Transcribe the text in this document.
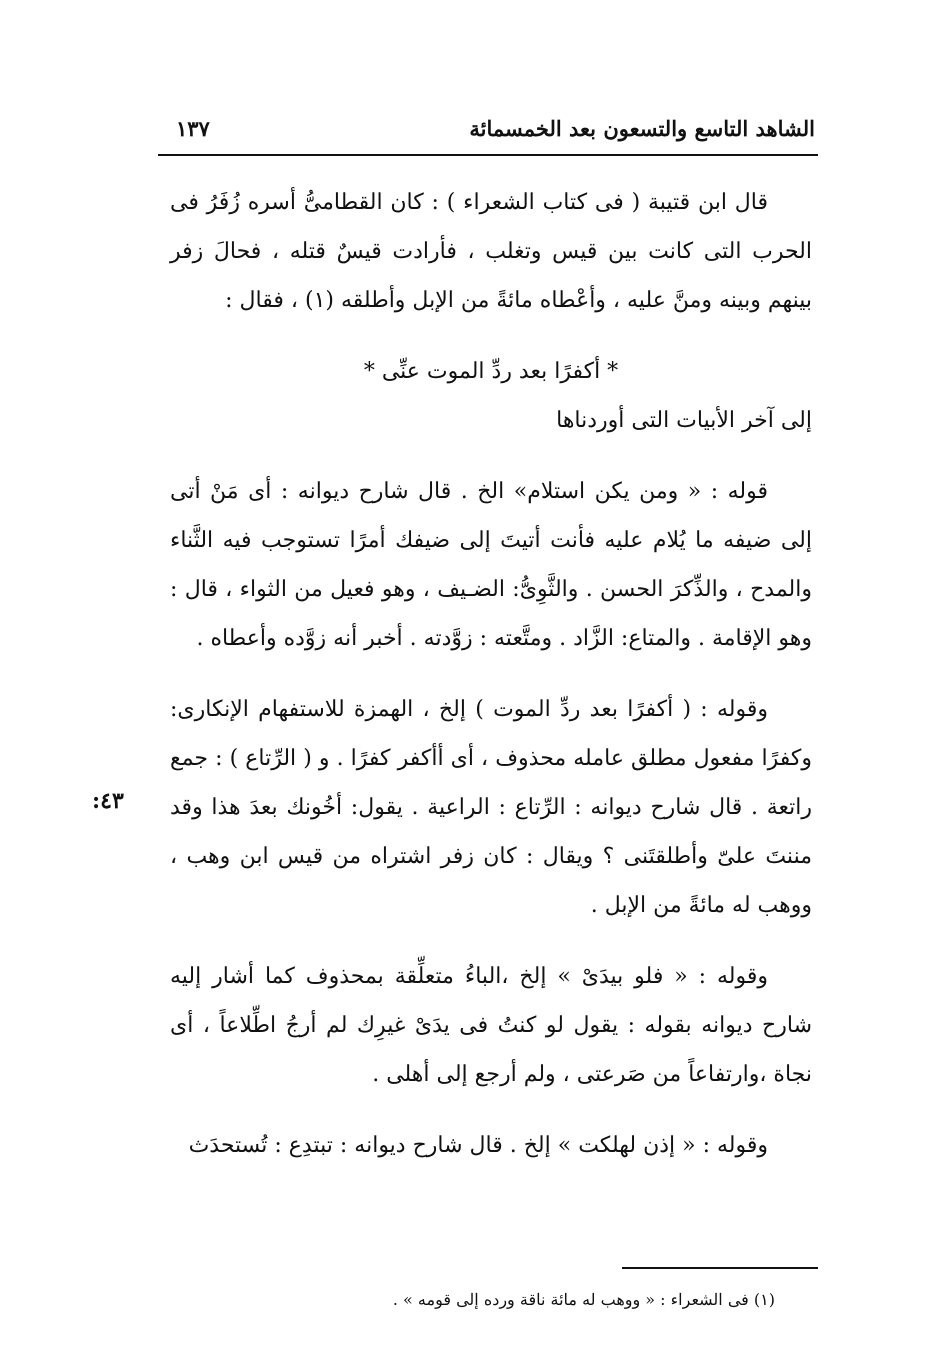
الشاهد التاسع والتسعون بعد الخمسمائة
١٣٧
٤٣:

قال ابن قتيبة ( فى كتاب الشعراء ) : كان القطامىُّ أسره زُفَرُ فى الحرب التى كانت بين قيس وتغلب ، فأرادت قيسٌ قتله ، فحالَ زفر بينهم وبينه ومنَّ عليه ، وأعْطاه مائةً من الإبل وأطلقه (١) ، فقال :

* أكفرًا بعد ردِّ الموت عنِّى *

إلى آخر الأبيات التى أوردناها

قوله : « ومن يكن استلام» الخ . قال شارح ديوانه : أى مَنْ أتى إلى ضيفه ما يُلام عليه فأنت أتيتَ إلى ضيفك أمرًا تستوجب فيه الثَّناء والمدح ، والذِّكرَ الحسن . والثَّوِىُّ: الضـيف ، وهو فعيل من الثواء ، قال : وهو الإقامة . والمتاع: الزَّاد . ومتَّعته : زوَّدته . أخبر أنه زوَّده وأعطاه .

وقوله : ( أكفرًا بعد ردِّ الموت ) إلخ ، الهمزة للاستفهام الإنكارى: وكفرًا مفعول مطلق عامله محذوف ، أى أأكفر كفرًا . و ( الرِّتاع ) : جمع راتعة . قال شارح ديوانه : الرِّتاع : الراعية . يقول: أخُونك بعدَ هذا وقد مننتَ علىّ وأطلقتَنى ؟ ويقال : كان زفر اشتراه من قيس ابن وهب ، ووهب له مائةً من الإبل .

وقوله : « فلو بيدَىْ » إلخ ،الباءُ متعلِّقة بمحذوف كما أشار إليه شارح ديوانه بقوله : يقول لو كنتُ فى يدَىْ غيرِك لم أرجُ اطِّلاعاً ، أى نجاة ،وارتفاعاً من صَرعتى ، ولم أرجع إلى أهلى .

وقوله : « إذن لهلكت » إلخ . قال شارح ديوانه : تبتدِع : تُستحدَث

(١) فى الشعراء : « ووهب له مائة ناقة ورده إلى قومه » .
